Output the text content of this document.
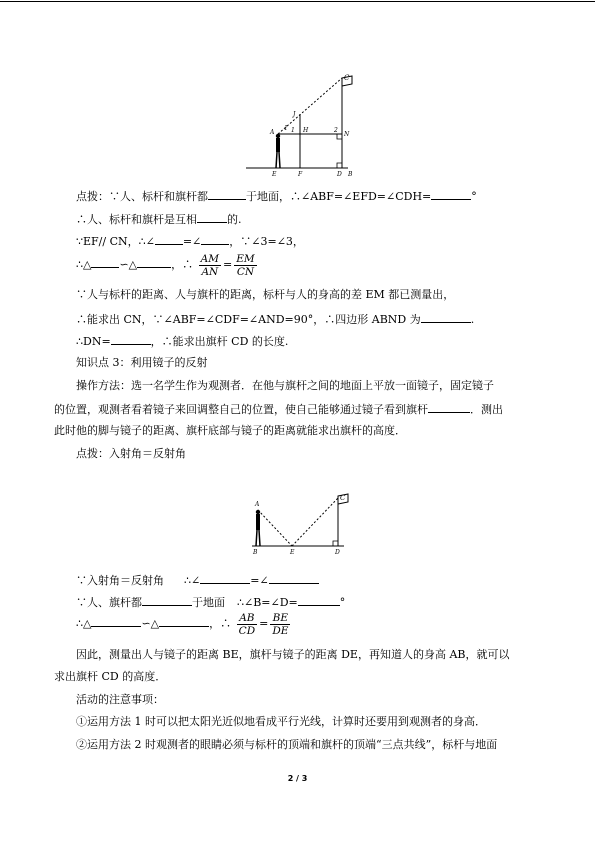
C
J
A
1 1 H	2
N
E	F	D B
点拨：∵人、标杆和旗杆都	于地面，∴∠ABF=∠EFD=∠CDH=	°
∴人、标杆和旗杆是互相	的.
∵EF// CN，∴∠	=∠	，∵∠3=∠3，
∴△	∽△	，∴ $\frac{AM}{AN} = \frac{EM}{CN}$
∵人与标杆的距离、人与旗杆的距离，标杆与人的身高的差 EM 都已测量出，
∴能求出 CN，∵∠ABF=∠CDF=∠AND=90°，∴四边形 ABND 为	.
∴DN=	，∴能求出旗杆 CD 的长度.
知识点 3：利用镜子的反射
操作方法：选一名学生作为观测者．在他与旗杆之间的地面上平放一面镜子，固定镜子
的位置，观测者看着镜子来回调整自己的位置，使自己能够通过镜子看到旗杆	．测出
此时他的脚与镜子的距离、旗杆底部与镜子的距离就能求出旗杆的高度．
点拨：入射角＝反射角
A
C
B	E	D
∵入射角＝反射角 ∴∠	=∠
∵人、旗杆都	于地面 ∴∠B=∠D=	°
∴△	∽△	，∴ $\frac{AB}{CD} = \frac{BE}{DE}$
因此，测量出人与镜子的距离 BE，旗杆与镜子的距离 DE，再知道人的身高 AB，就可以
求出旗杆 CD 的高度．
活动的注意事项：
①运用方法 1 时可以把太阳光近似地看成平行光线，计算时还要用到观测者的身高．
②运用方法 2 时观测者的眼睛必须与标杆的顶端和旗杆的顶端“三点共线”，标杆与地面
2 / 3
